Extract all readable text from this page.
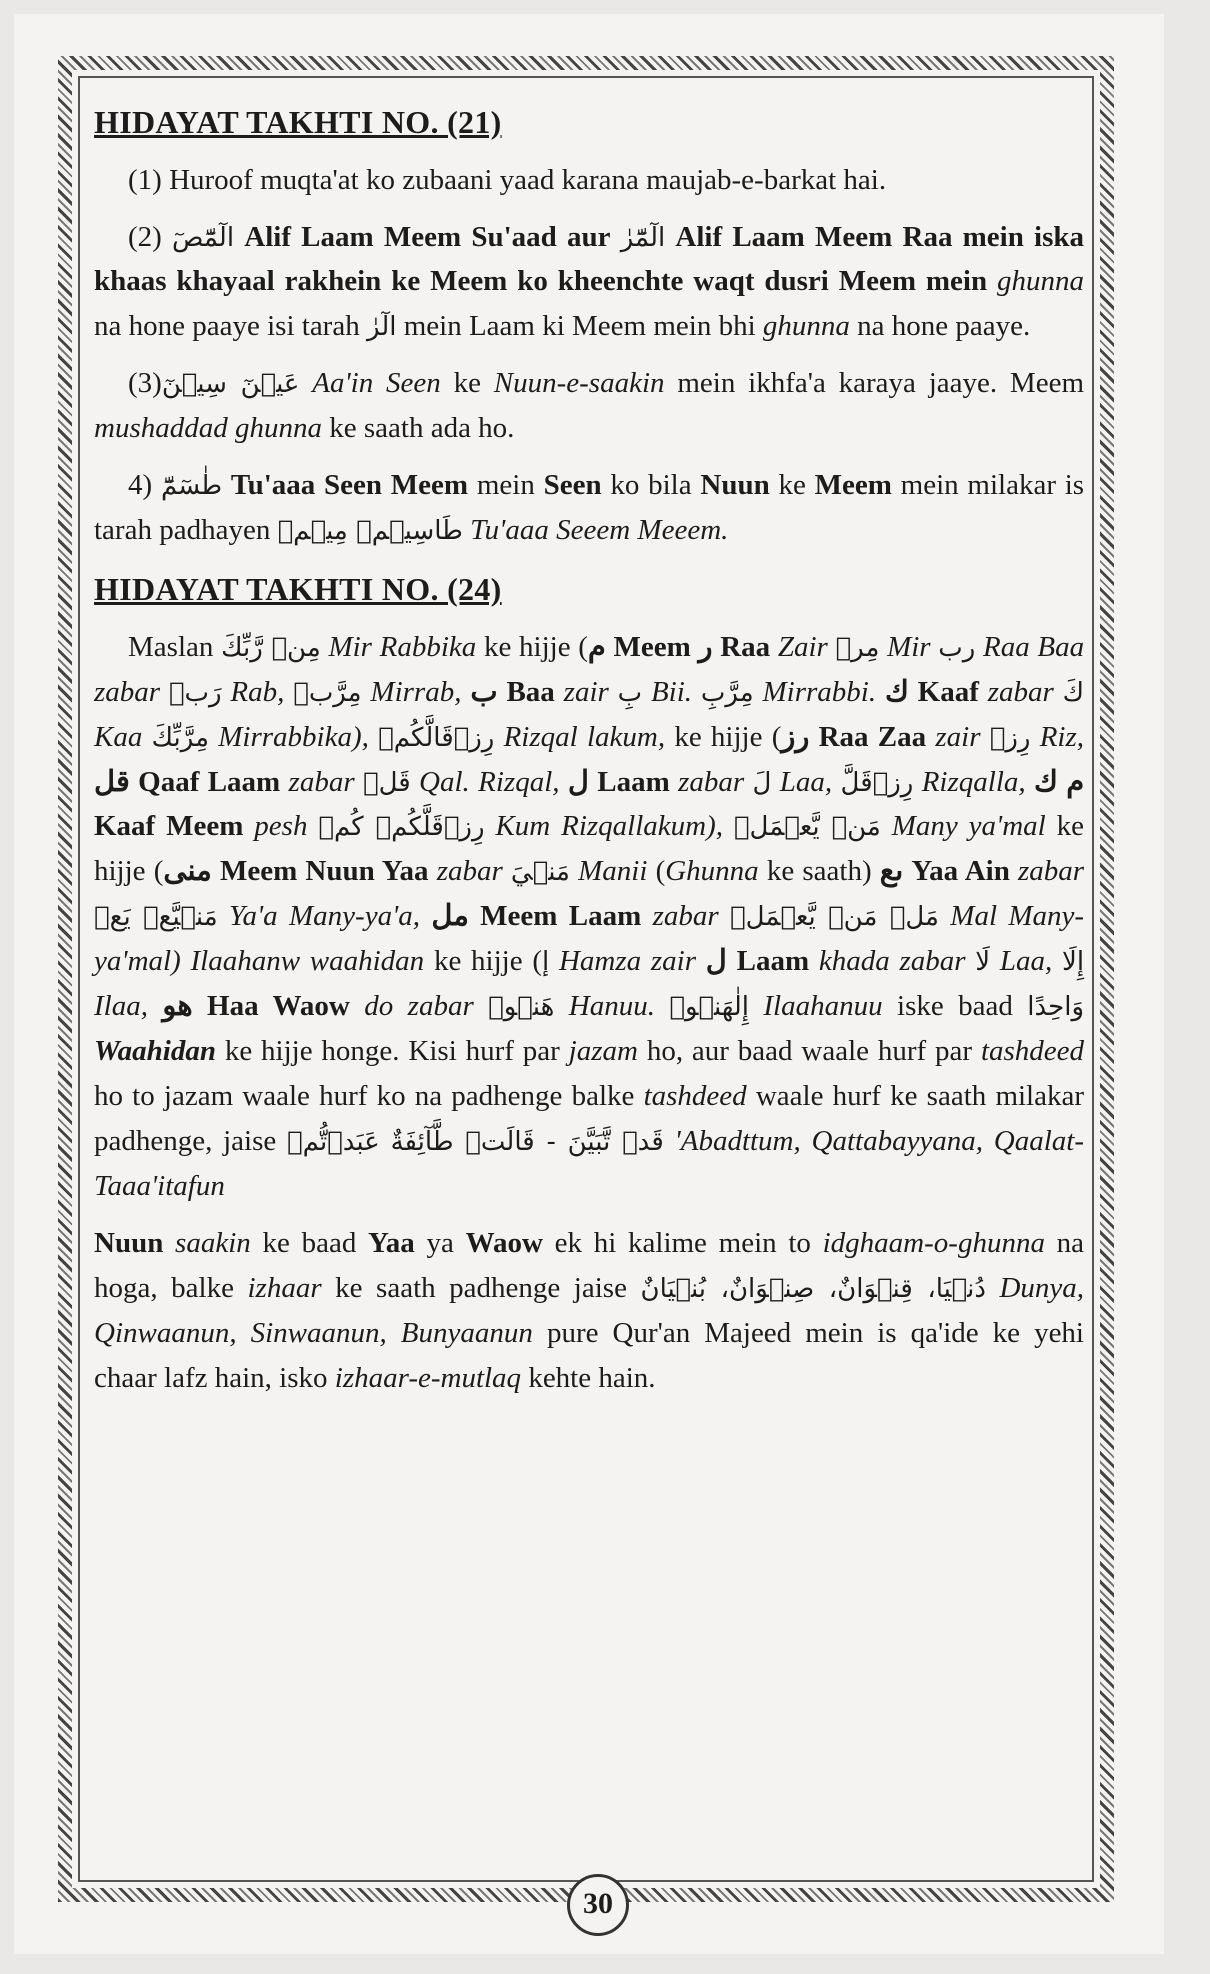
HIDAYAT TAKHTI NO. (21)

(1) Huroof muqta'at ko zubaani yaad karana maujab-e-barkat hai.

(2) الٓمّٓصٓ Alif Laam Meem Su'aad aur الٓمّٓرٰ Alif Laam Meem Raa mein iska khaas khayaal rakhein ke Meem ko kheenchte waqt dusri Meem mein ghunna na hone paaye isi tarah الٓرٰ mein Laam ki Meem mein bhi ghunna na hone paaye.

(3)عَيۡنٓ سِيۡنٓ Aa'in Seen ke Nuun-e-saakin mein ikhfa'a karaya jaaye. Meem mushaddad ghunna ke saath ada ho.

4) طٰسٓمّٓ Tu'aaa Seen Meem mein Seen ko bila Nuun ke Meem mein milakar is tarah padhayen طَاسِيۡمۡ مِيۡمۡ Tu'aaa Seeem Meeem.

HIDAYAT TAKHTI NO. (24)

Maslan مِنۡ رَّبِّكَ Mir Rabbika ke hijje (م Meem ر Raa Zair مِرۡ Mir رب Raa Baa zabar رَبۡ Rab, مِرَّبۡ Mirrab, ب Baa zair بِ Bii. مِرَّبِ Mirrabbi. ك Kaaf zabar كَ Kaa مِرَّبِّكَ Mirrabbika), رِزۡقَالَّكُمۡ Rizqal lakum, ke hijje (رز Raa Zaa zair رِزۡ Riz, قل Qaaf Laam zabar قَلۡ Qal. Rizqal, ل Laam zabar لَ Laa, رِزۡقَلَّ Rizqalla, م ك Kaaf Meem pesh رِزۡقَلَّكُمۡ كُمۡ Kum Rizqallakum), مَنۡ يَّعۡمَلۡ Many ya'mal ke hijje (منى Meem Nuun Yaa zabar مَنۡيَ Manii (Ghunna ke saath) ىع Yaa Ain zabar مَنۡيَّعۡ يَعۡ Ya'a Many-ya'a, مل Meem Laam zabar مَلۡ مَنۡ يَّعۡمَلۡ Mal Many-ya'mal) Ilaahanw waahidan ke hijje (إ Hamza zair ل Laam khada zabar لَا Laa, إِلَا Ilaa, هو Haa Waow do zabar هَنۡوۡ Hanuu. إِلٰهَنۡوۡ Ilaahanuu iske baad وَاحِدًا Waahidan ke hijje honge. Kisi hurf par jazam ho, aur baad waale hurf par tashdeed ho to jazam waale hurf ko na padhenge balke tashdeed waale hurf ke saath milakar padhenge, jaise عَبَدۡتُّمۡ قَدۡ تَّبَيَّنَ - قَالَتۡ طَّآئِفَةٌ 'Abadttum, Qattabayyana, Qaalat-Taaa'itafun

Nuun saakin ke baad Yaa ya Waow ek hi kalime mein to idghaam-o-ghunna na hoga, balke izhaar ke saath padhenge jaise دُنۡيَا، قِنۡوَانٌ، صِنۡوَانٌ، بُنۡيَانٌ Dunya, Qinwaanun, Sinwaanun, Bunyaanun pure Qur'an Majeed mein is qa'ide ke yehi chaar lafz hain, isko izhaar-e-mutlaq kehte hain.

30
